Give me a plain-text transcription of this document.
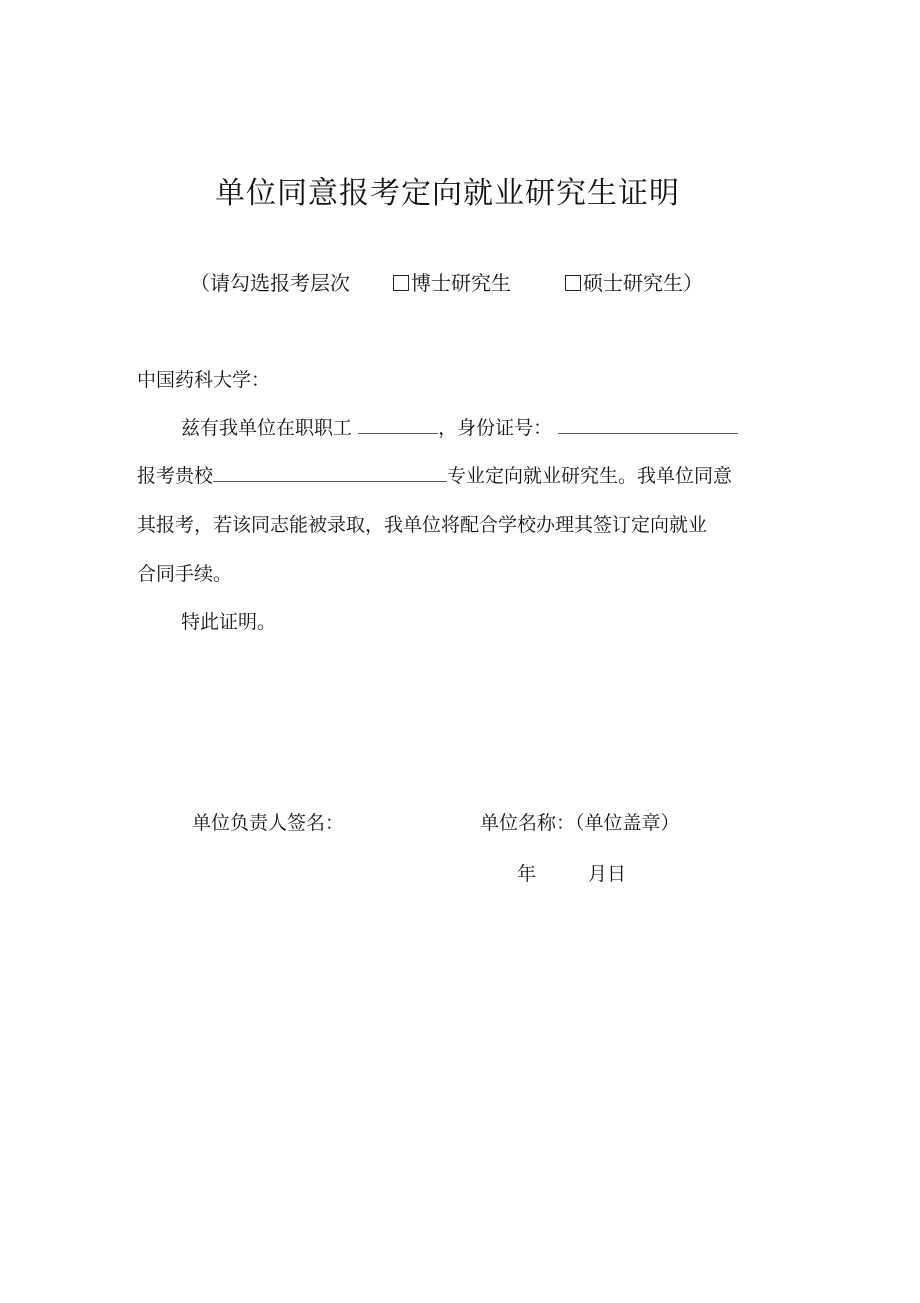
单位同意报考定向就业研究生证明
（请勾选报考层次	博士研究生	硕士研究生）
中国药科大学：
兹有我单位在职职工	，身份证号：
报考贵校	专业定向就业研究生。我单位同意
其报考，若该同志能被录取，我单位将配合学校办理其签订定向就业
合同手续。
特此证明。
单位负责人签名：	单位名称：（单位盖章）
年	月日
